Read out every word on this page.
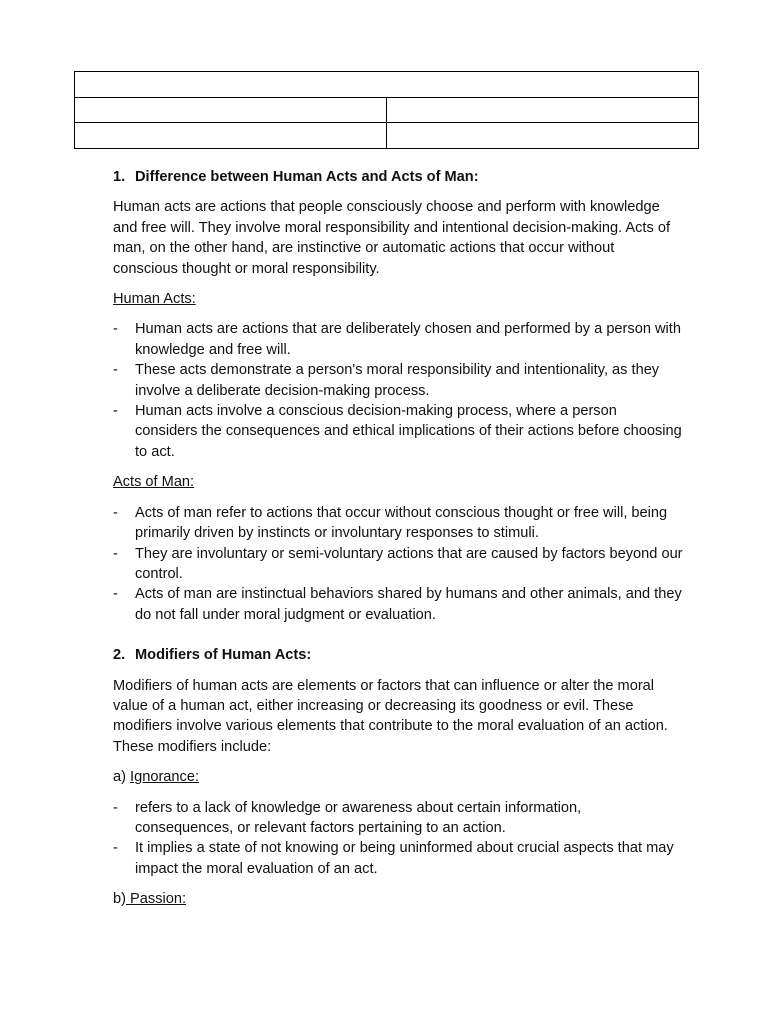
1. Difference between Human Acts and Acts of Man:

Human acts are actions that people consciously choose and perform with knowledge and free will. They involve moral responsibility and intentional decision-making. Acts of man, on the other hand, are instinctive or automatic actions that occur without conscious thought or moral responsibility.

Human Acts:

- Human acts are actions that are deliberately chosen and performed by a person with knowledge and free will.
- These acts demonstrate a person's moral responsibility and intentionality, as they involve a deliberate decision-making process.
- Human acts involve a conscious decision-making process, where a person considers the consequences and ethical implications of their actions before choosing to act.

Acts of Man:

- Acts of man refer to actions that occur without conscious thought or free will, being primarily driven by instincts or involuntary responses to stimuli.
- They are involuntary or semi-voluntary actions that are caused by factors beyond our control.
- Acts of man are instinctual behaviors shared by humans and other animals, and they do not fall under moral judgment or evaluation.

2. Modifiers of Human Acts:

Modifiers of human acts are elements or factors that can influence or alter the moral value of a human act, either increasing or decreasing its goodness or evil. These modifiers involve various elements that contribute to the moral evaluation of an action. These modifiers include:

a) Ignorance:

- refers to a lack of knowledge or awareness about certain information, consequences, or relevant factors pertaining to an action.
- It implies a state of not knowing or being uninformed about crucial aspects that may impact the moral evaluation of an act.

b) Passion:
